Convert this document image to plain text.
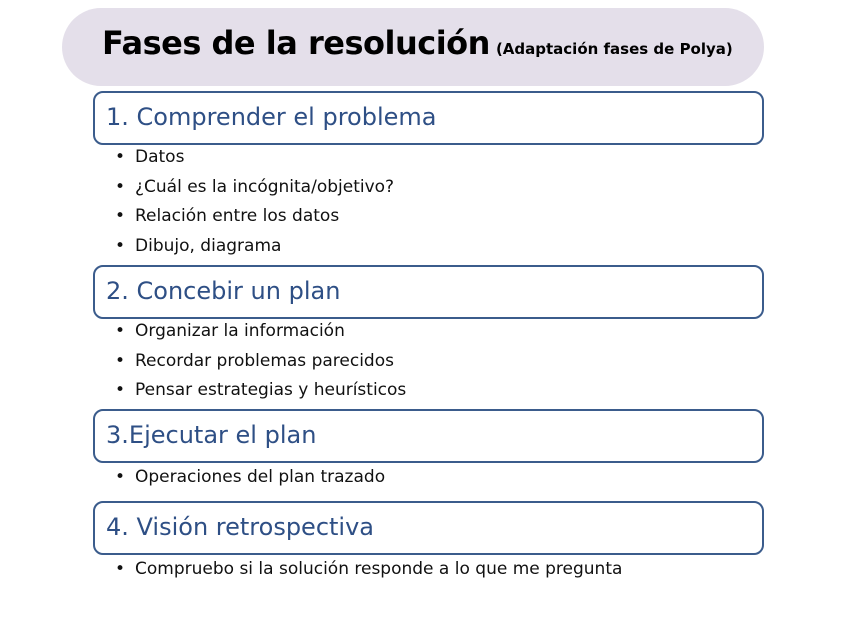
Fases de la resolución (Adaptación fases de Polya)
1. Comprender el problema
• Datos
• ¿Cuál es la incógnita/objetivo?
• Relación entre los datos
• Dibujo, diagrama
2. Concebir un plan
• Organizar la información
• Recordar problemas parecidos
• Pensar estrategias y heurísticos
3.Ejecutar el plan
• Operaciones del plan trazado
4. Visión retrospectiva
• Compruebo si la solución responde a lo que me pregunta
